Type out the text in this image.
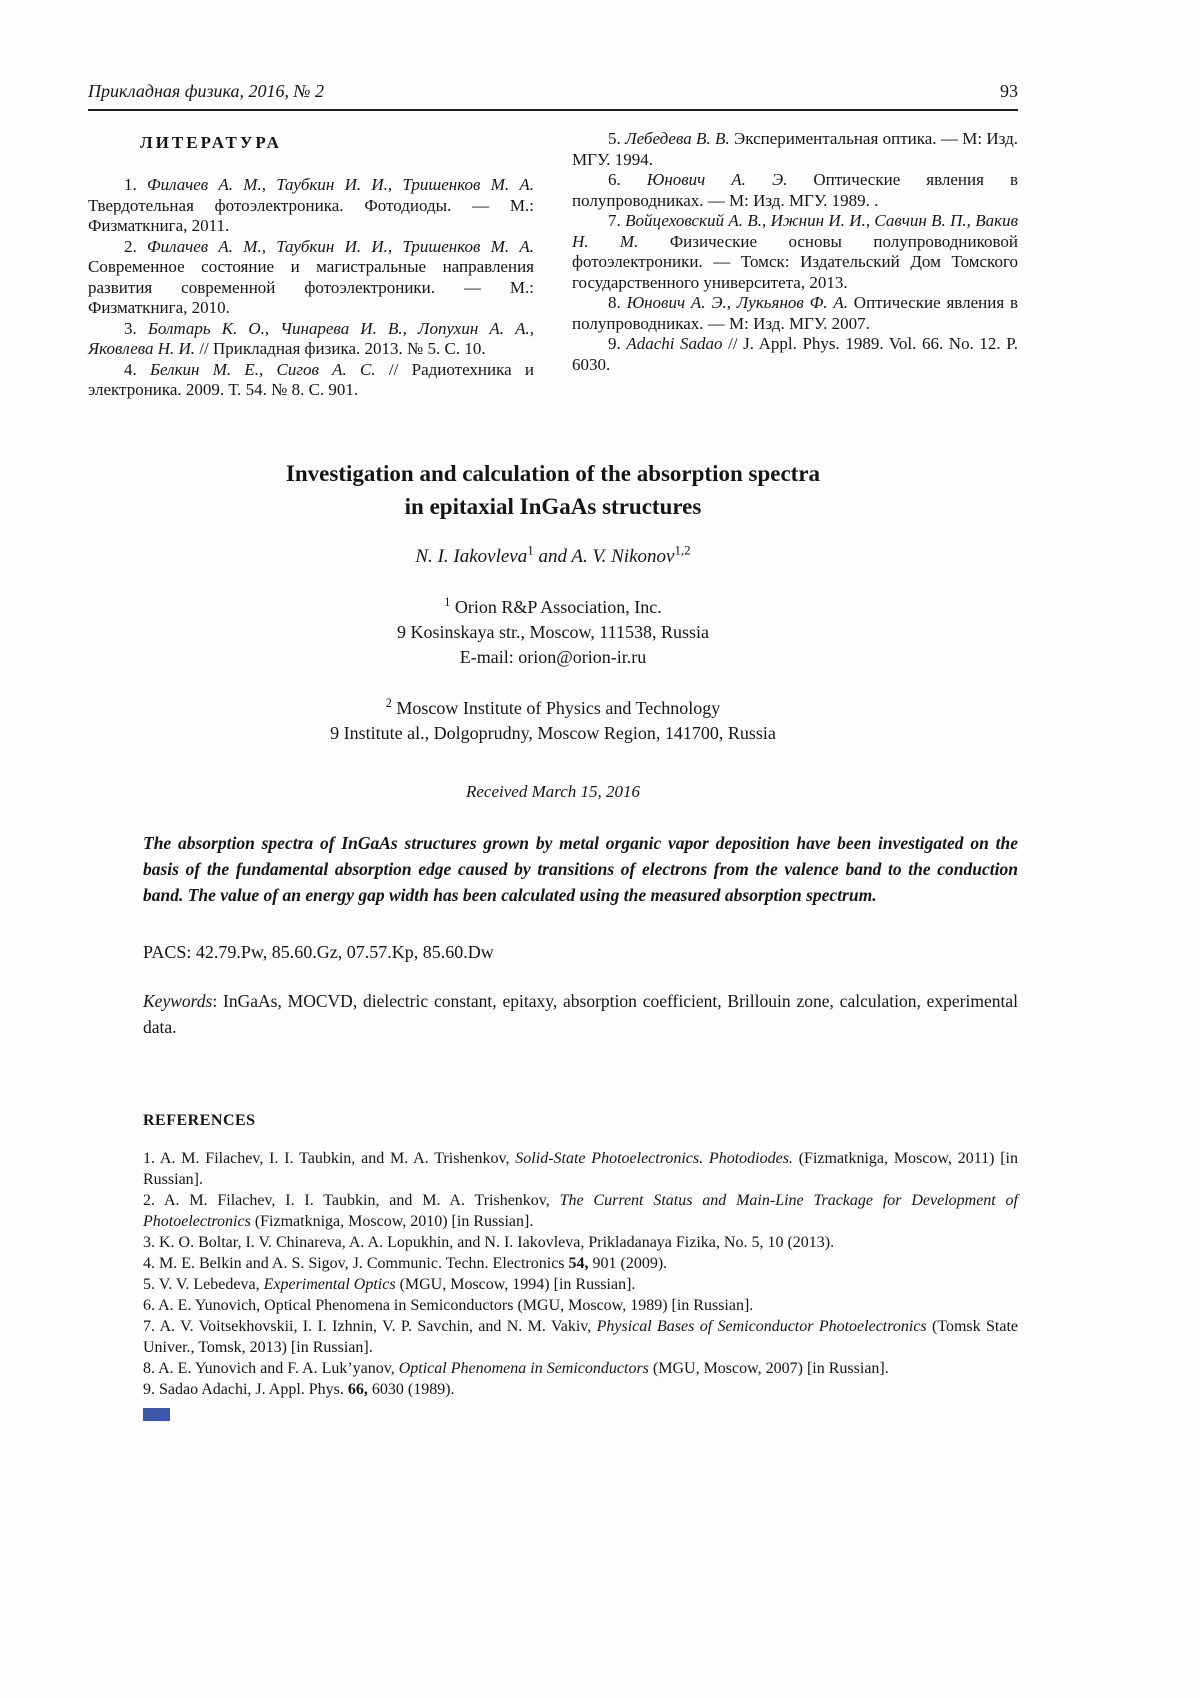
Прикладная физика, 2016, № 2	93
ЛИТЕРАТУРА

1. Филачев А. М., Таубкин И. И., Тришенков М. А. Твердотельная фотоэлектроника. Фотодиоды. — М.: Физматкнига, 2011.

2. Филачев А. М., Таубкин И. И., Тришенков М. А. Современное состояние и магистральные направления развития современной фотоэлектроники. — М.: Физматкнига, 2010.

3. Болтарь К. О., Чинарева И. В., Лопухин А. А., Яковлева Н. И. // Прикладная физика. 2013. № 5. С. 10.

4. Белкин М. Е., Сигов А. С. // Радиотехника и электроника. 2009. Т. 54. № 8. С. 901.

5. Лебедева В. В. Экспериментальная оптика. — М: Изд. МГУ. 1994.

6. Юнович А. Э. Оптические явления в полупроводниках. — М: Изд. МГУ. 1989. .

7. Войцеховский А. В., Ижнин И. И., Савчин В. П., Вакив Н. М. Физические основы полупроводниковой фотоэлектроники. — Томск: Издательский Дом Томского государственного университета, 2013.

8. Юнович А. Э., Лукьянов Ф. А. Оптические явления в полупроводниках. — М: Изд. МГУ. 2007.

9. Adachi Sadao // J. Appl. Phys. 1989. Vol. 66. No. 12. P. 6030.

Investigation and calculation of the absorption spectra
in epitaxial InGaAs structures
N. I. Iakovleva$^1$ and A. V. Nikonov$^{1,2}$

$^1$ Orion R&P Association, Inc.

9 Kosinskaya str., Moscow, 111538, Russia

E-mail: orion@orion-ir.ru

$^2$ Moscow Institute of Physics and Technology

9 Institute al., Dolgoprudny, Moscow Region, 141700, Russia

Received March 15, 2016

The absorption spectra of InGaAs structures grown by metal organic vapor deposition have been investigated on the basis of the fundamental absorption edge caused by transitions of electrons from the valence band to the conduction band. The value of an energy gap width has been calculated using the measured absorption spectrum.

PACS: 42.79.Pw, 85.60.Gz, 07.57.Kp, 85.60.Dw

Keywords: InGaAs, MOCVD, dielectric constant, epitaxy, absorption coefficient, Brillouin zone, calculation, experimental data.

REFERENCES

1. A. M. Filachev, I. I. Taubkin, and M. A. Trishenkov, Solid-State Photoelectronics. Photodiodes. (Fizmatkniga, Moscow, 2011) [in Russian].

2. A. M. Filachev, I. I. Taubkin, and M. A. Trishenkov, The Current Status and Main-Line Trackage for Development of Photoelectronics (Fizmatkniga, Moscow, 2010) [in Russian].

3. K. O. Boltar, I. V. Chinareva, A. A. Lopukhin, and N. I. Iakovleva, Prikladanaya Fizika, No. 5, 10 (2013).

4. M. E. Belkin and A. S. Sigov, J. Communic. Techn. Electronics 54, 901 (2009).

5. V. V. Lebedeva, Experimental Optics (MGU, Moscow, 1994) [in Russian].

6. A. E. Yunovich, Optical Phenomena in Semiconductors (MGU, Moscow, 1989) [in Russian].

7. A. V. Voitsekhovskii, I. I. Izhnin, V. P. Savchin, and N. M. Vakiv, Physical Bases of Semiconductor Photoelectronics (Tomsk State Univer., Tomsk, 2013) [in Russian].

8. A. E. Yunovich and F. A. Luk’yanov, Optical Phenomena in Semiconductors (MGU, Moscow, 2007) [in Russian].

9. Sadao Adachi, J. Appl. Phys. 66, 6030 (1989).
